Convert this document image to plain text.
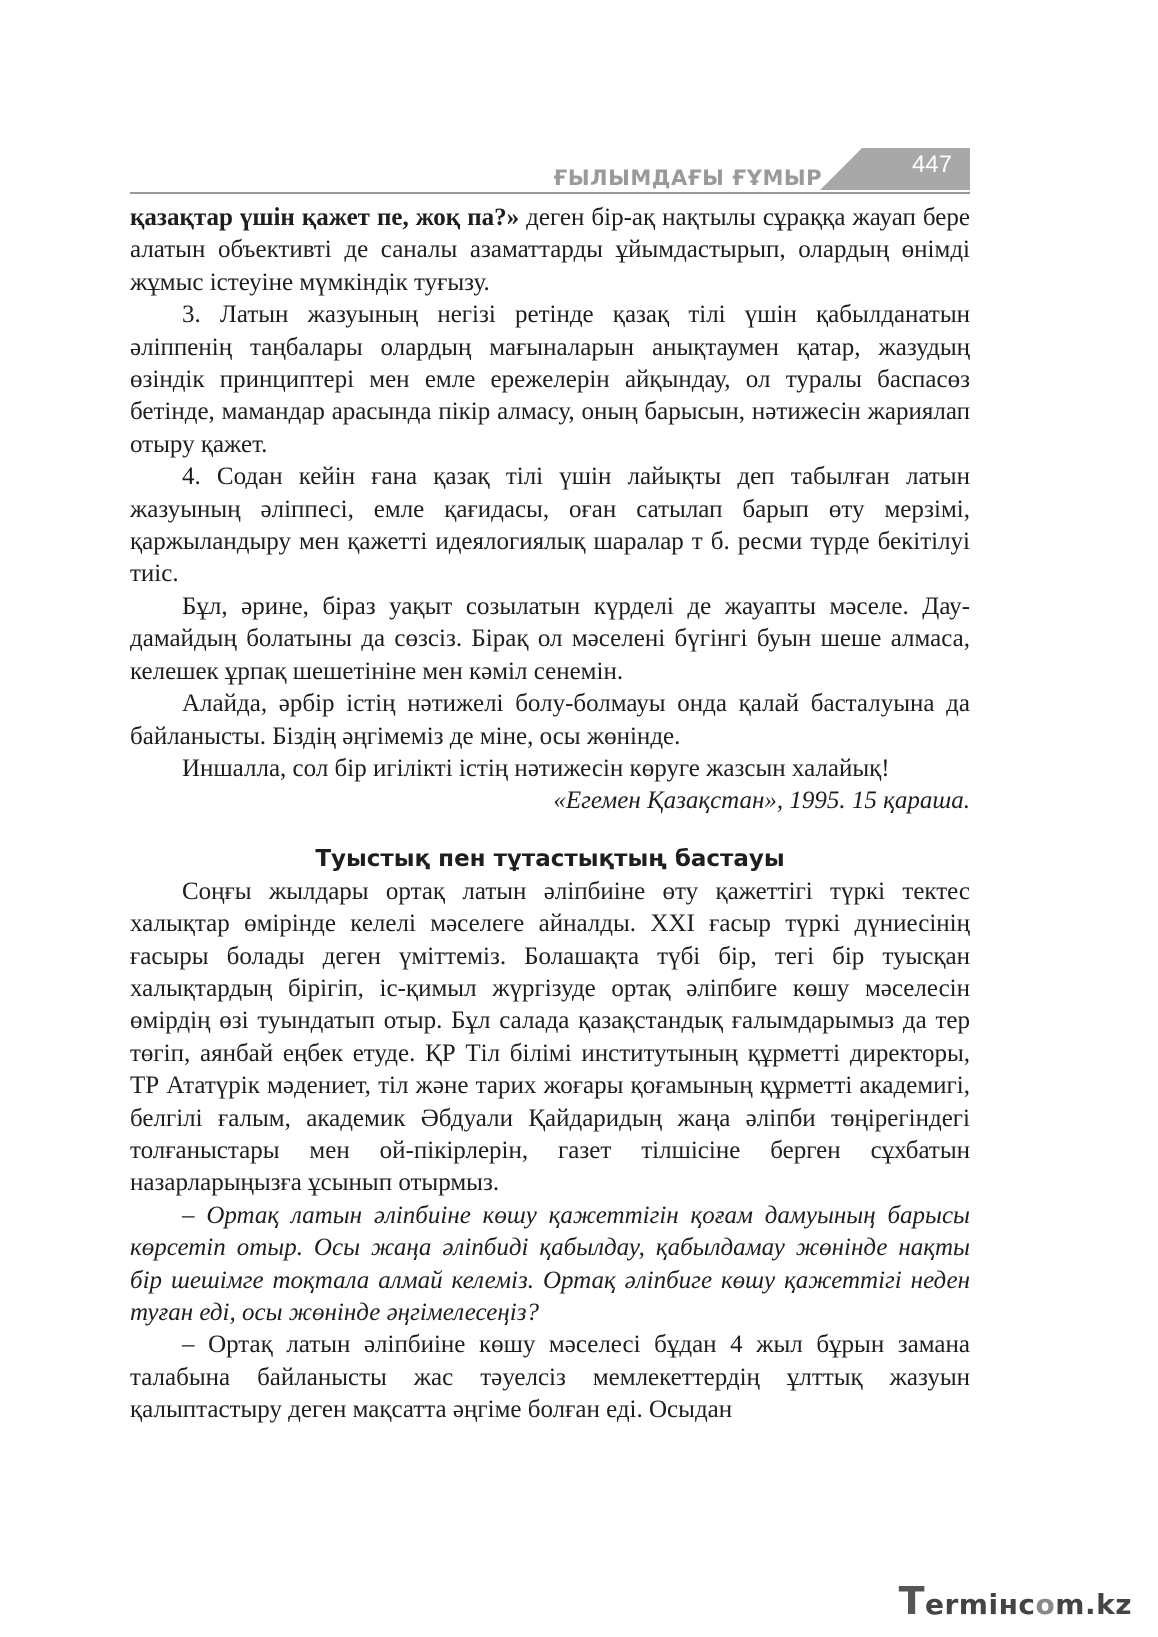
ҒЫЛЫМДАҒЫ ҒҰМЫР	447

қазақтар үшін қажет пе, жоқ па?» деген бір-ақ нақтылы сұраққа жауап бере алатын объективті де саналы азаматтарды ұйымдастырып, олардың өнімді жұмыс істеуіне мүмкіндік туғызу.

3. Латын жазуының негізі ретінде қазақ тілі үшін қабылданатын әліппенің таңбалары олардың мағыналарын анықтаумен қатар, жазудың өзіндік принциптері мен емле ережелерін айқындау, ол туралы баспасөз бетінде, мамандар арасында пікір алмасу, оның барысын, нәтижесін жариялап отыру қажет.

4. Содан кейін ғана қазақ тілі үшін лайықты деп табылған латын жазуының әліппесі, емле қағидасы, оған сатылап барып өту мерзімі, қаржыландыру мен қажетті идеялогиялық шаралар т б. ресми түрде бекітілуі тиіс.

Бұл, әрине, біраз уақыт созылатын күрделі де жауапты мәселе. Дау-дамайдың болатыны да сөзсіз. Бірақ ол мәселені бүгінгі буын шеше алмаса, келешек ұрпақ шешетініне мен кәміл сенемін.

Алайда, әрбір істің нәтижелі болу-болмауы онда қалай басталуына да байланысты. Біздің әңгімеміз де міне, осы жөнінде.

Иншалла, сол бір игілікті істің нәтижесін көруге жазсын халайық!

«Егемен Қазақстан», 1995. 15 қараша.

Туыстық пен тұтастықтың бастауы

Соңғы жылдары ортақ латын әліпбиіне өту қажеттігі түркі тектес халықтар өмірінде келелі мәселеге айналды. XXI ғасыр түркі дүниесінің ғасыры болады деген үміттеміз. Болашақта түбі бір, тегі бір туысқан халықтардың бірігіп, іс-қимыл жүргізуде ортақ әліпбиге көшу мәселесін өмірдің өзі туындатып отыр. Бұл салада қазақстандық ғалымдарымыз да тер төгіп, аянбай еңбек етуде. ҚР Тіл білімі институтының құрметті директоры, ТР Ататүрік мәдениет, тіл және тарих жоғары қоғамының құрметті академигі, белгілі ғалым, академик Әбдуали Қайдаридың жаңа әліпби төңірегіндегі толғаныстары мен ой-пікірлерін, газет тілшісіне берген сұхбатын назарларыңызға ұсынып отырмыз.

– Ортақ латын әліпбиіне көшу қажеттігін қоғам дамуының барысы көрсетіп отыр. Осы жаңа әліпбиді қабылдау, қабылдамау жөнінде нақты бір шешімге тоқтала алмай келеміз. Ортақ әліпбиге көшу қажеттігі неден туған еді, осы жөнінде әңгімелесеңіз?

– Ортақ латын әліпбиіне көшу мәселесі бұдан 4 жыл бұрын замана талабына байланысты жас тәуелсіз мемлекеттердің ұлттық жазуын қалыптастыру деген мақсатта әңгіме болған еді. Осыдан

Termінcom.kz
